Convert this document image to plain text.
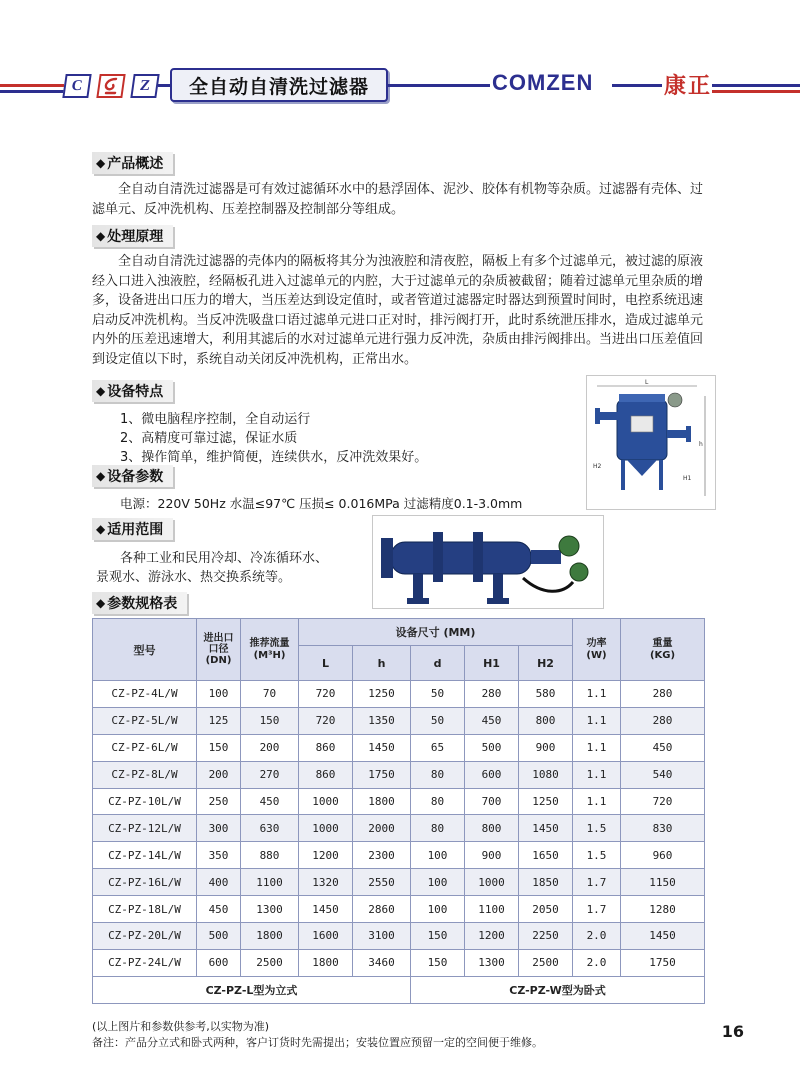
C	Z	全自动自清洗过滤器	COMZEN	康正
◆ 产品概述
全自动自清洗过滤器是可有效过滤循环水中的悬浮固体、泥沙、胶体有机物等杂质。过滤器有壳体、过滤单元、反冲洗机构、压差控制器及控制部分等组成。
◆ 处理原理
全自动自清洗过滤器的壳体内的隔板将其分为浊液腔和清夜腔，隔板上有多个过滤单元，被过滤的原液经入口进入浊液腔，经隔板孔进入过滤单元的内腔，大于过滤单元的杂质被截留；随着过滤单元里杂质的增多，设备进出口压力的增大，当压差达到设定值时，或者管道过滤器定时器达到预置时间时，电控系统迅速启动反冲洗机构。当反冲洗吸盘口语过滤单元进口正对时，排污阀打开，此时系统泄压排水，造成过滤单元内外的压差迅速增大，利用其滤后的水对过滤单元进行强力反冲洗，杂质由排污阀排出。当进出口压差值回到设定值以下时，系统自动关闭反冲洗机构，正常出水。
◆ 设备特点
1、微电脑程序控制，全自动运行
2、高精度可靠过滤，保证水质
3、操作简单，维护简便，连续供水，反冲洗效果好。
L
h
H2
H1
◆ 设备参数
电源：220V 50Hz 水温≤97℃ 压损≤ 0.016MPa 过滤精度0.1-3.0mm
◆ 适用范围
各种工业和民用冷却、冷冻循环水、
景观水、游泳水、热交换系统等。
◆ 参数规格表
型号	进出口口径(DN)	推荐流量(M³H)	设备尺寸 (MM)					功率(W)	重量(KG)
			L	h	d	H1	H2		
CZ-PZ-4L/W	100	70	720	1250	50	280	580	1.1	280
CZ-PZ-5L/W	125	150	720	1350	50	450	800	1.1	280
CZ-PZ-6L/W	150	200	860	1450	65	500	900	1.1	450
CZ-PZ-8L/W	200	270	860	1750	80	600	1080	1.1	540
CZ-PZ-10L/W	250	450	1000	1800	80	700	1250	1.1	720
CZ-PZ-12L/W	300	630	1000	2000	80	800	1450	1.5	830
CZ-PZ-14L/W	350	880	1200	2300	100	900	1650	1.5	960
CZ-PZ-16L/W	400	1100	1320	2550	100	1000	1850	1.7	1150
CZ-PZ-18L/W	450	1300	1450	2860	100	1100	2050	1.7	1280
CZ-PZ-20L/W	500	1800	1600	3100	150	1200	2250	2.0	1450
CZ-PZ-24L/W	600	2500	1800	3460	150	1300	2500	2.0	1750
CZ-PZ-L型为立式					CZ-PZ-W型为卧式				
(以上图片和参数供参考,以实物为准)
备注：产品分立式和卧式两种，客户订货时先需提出；安装位置应预留一定的空间便于维修。
16
